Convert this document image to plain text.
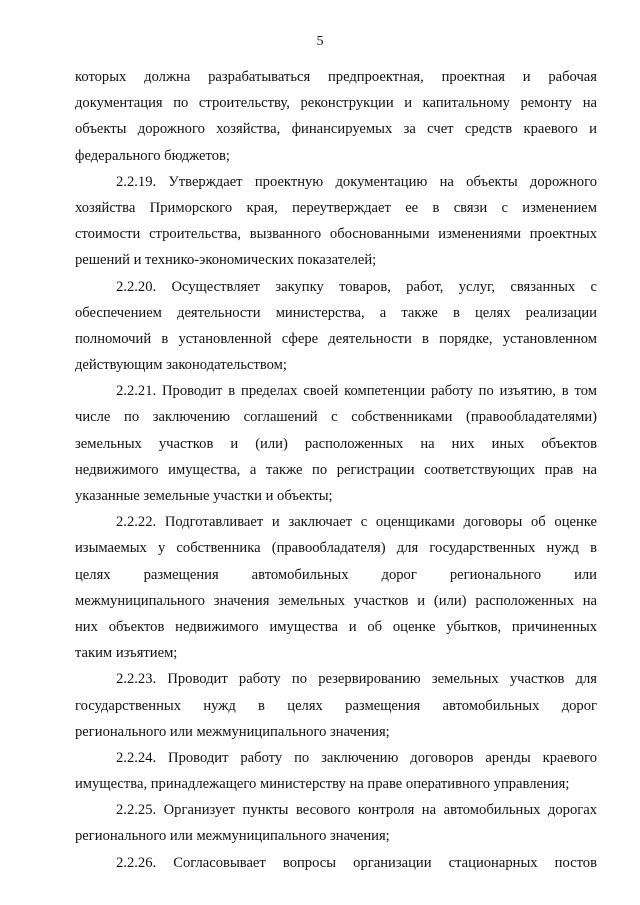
5
которых должна разрабатываться предпроектная, проектная и рабочая
документация по строительству, реконструкции и капитальному ремонту на
объекты дорожного хозяйства, финансируемых за счет средств краевого и
федерального бюджетов;
2.2.19. Утверждает проектную документацию на объекты дорожного
хозяйства Приморского края, переутверждает ее в связи с изменением
стоимости строительства, вызванного обоснованными изменениями проектных
решений и технико-экономических показателей;
2.2.20. Осуществляет закупку товаров, работ, услуг, связанных с
обеспечением деятельности министерства, а также в целях реализации
полномочий в установленной сфере деятельности в порядке, установленном
действующим законодательством;
2.2.21. Проводит в пределах своей компетенции работу по изъятию, в том
числе по заключению соглашений с собственниками (правообладателями)
земельных участков и (или) расположенных на них иных объектов
недвижимого имущества, а также по регистрации соответствующих прав на
указанные земельные участки и объекты;
2.2.22. Подготавливает и заключает с оценщиками договоры об оценке
изымаемых у собственника (правообладателя) для государственных нужд в
целях размещения автомобильных дорог регионального или
межмуниципального значения земельных участков и (или) расположенных на
них объектов недвижимого имущества и об оценке убытков, причиненных
таким изъятием;
2.2.23. Проводит работу по резервированию земельных участков для
государственных нужд в целях размещения автомобильных дорог
регионального или межмуниципального значения;
2.2.24. Проводит работу по заключению договоров аренды краевого
имущества, принадлежащего министерству на праве оперативного управления;
2.2.25. Организует пункты весового контроля на автомобильных дорогах
регионального или межмуниципального значения;
2.2.26. Согласовывает вопросы организации стационарных постов
